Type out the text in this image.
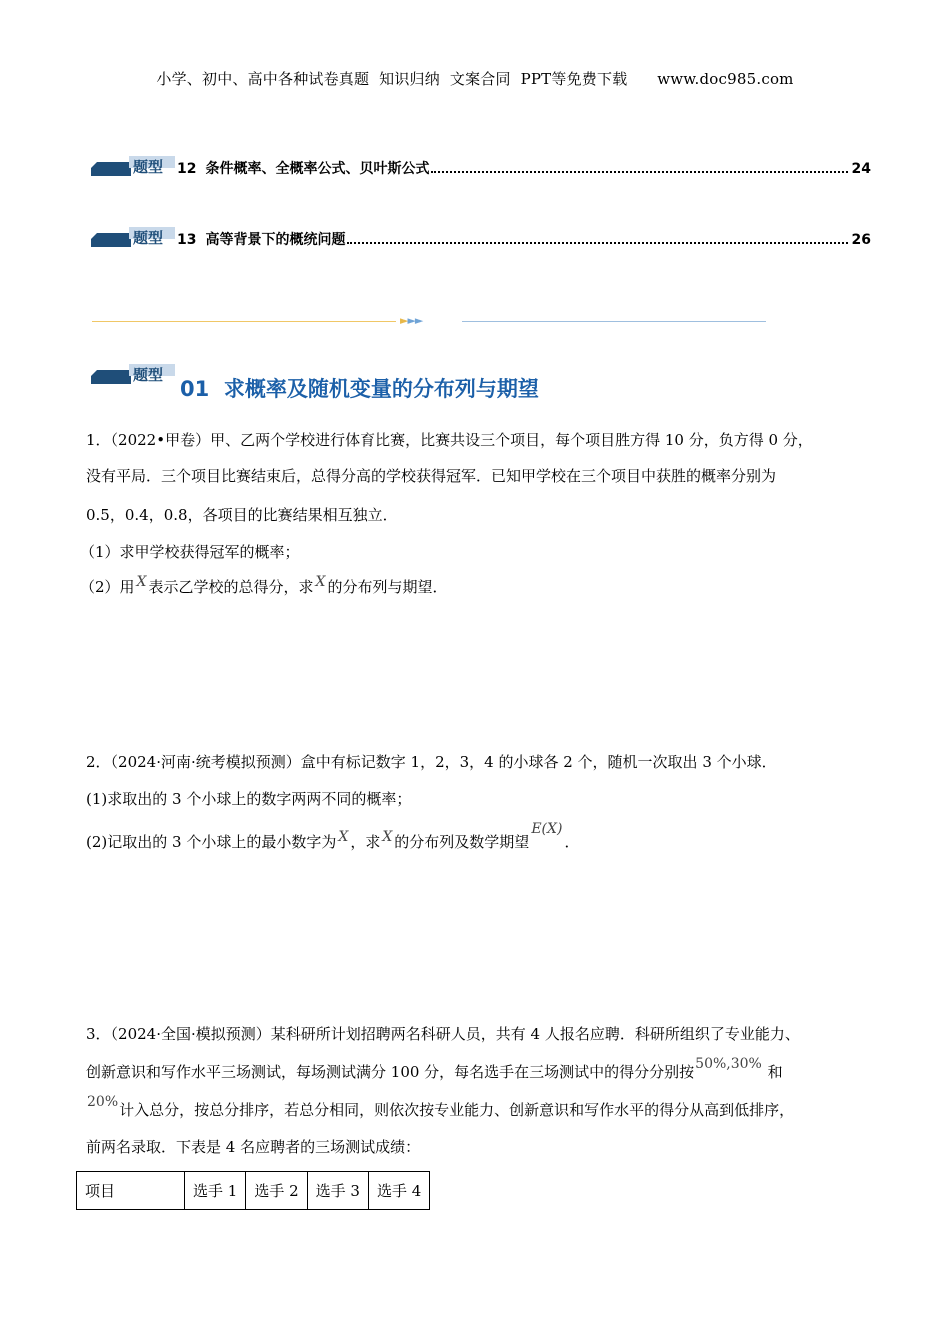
小学、初中、高中各种试卷真题  知识归纳  文案合同  PPT等免费下载      www.doc985.com
题型 12 条件概率、全概率公式、贝叶斯公式	24
题型 13 高等背景下的概统问题	26
►►►
题型
01 求概率及随机变量的分布列与期望
1．（2022•甲卷）甲、乙两个学校进行体育比赛，比赛共设三个项目，每个项目胜方得 10 分，负方得 0 分，
没有平局．三个项目比赛结束后，总得分高的学校获得冠军．已知甲学校在三个项目中获胜的概率分别为
0.5，0.4，0.8，各项目的比赛结果相互独立．
（1）求甲学校获得冠军的概率；
（2）用 X 表示乙学校的总得分，求 X 的分布列与期望．
2．（2024·河南·统考模拟预测）盒中有标记数字 1，2，3，4 的小球各 2 个，随机一次取出 3 个小球．
(1)求取出的 3 个小球上的数字两两不同的概率；
(2)记取出的 3 个小球上的最小数字为 X ，求 X 的分布列及数学期望E(X)．
3．（2024·全国·模拟预测）某科研所计划招聘两名科研人员，共有 4 人报名应聘．科研所组织了专业能力、
创新意识和写作水平三场测试，每场测试满分 100 分，每名选手在三场测试中的得分分别按50%,30% 和
20%计入总分，按总分排序，若总分相同，则依次按专业能力、创新意识和写作水平的得分从高到低排序，
前两名录取．下表是 4 名应聘者的三场测试成绩：
项目	选手 1	选手 2	选手 3	选手 4
